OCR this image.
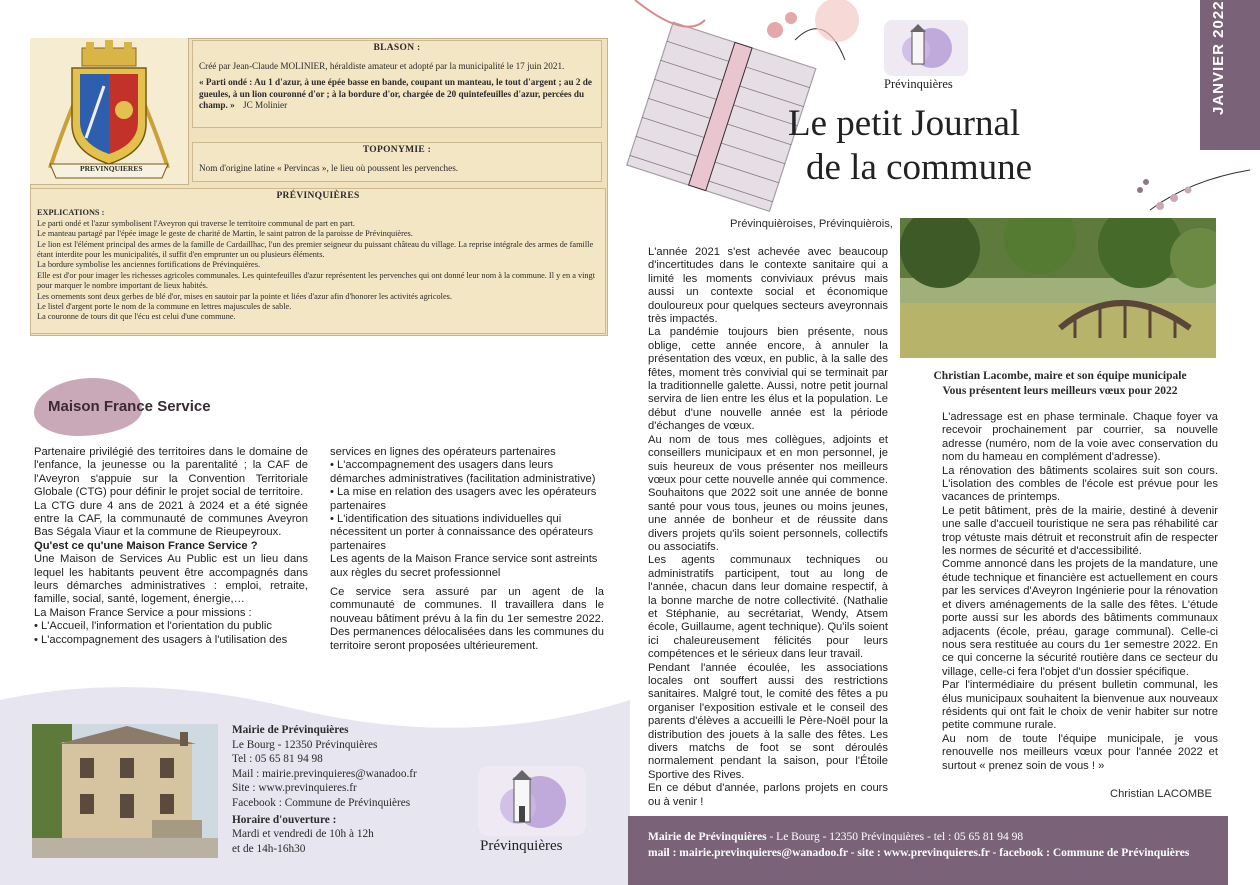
PREVINQUIERES
BLASON :
Créé par Jean-Claude MOLINIER, héraldiste amateur et adopté par la municipalité le 17 juin 2021.
« Parti ondé : Au 1 d'azur, à une épée basse en bande, coupant un manteau, le tout d'argent ; au 2 de gueules, à un lion couronné d'or ; à la bordure d'or, chargée de 20 quintefeuilles d'azur, percées du champ. » JC Molinier
TOPONYMIE :
Nom d'origine latine « Pervincas », le lieu où poussent les pervenches.
PRÉVINQUIÈRES
EXPLICATIONS :
Le parti ondé et l'azur symbolisent l'Aveyron qui traverse le territoire communal de part en part.
Le manteau partagé par l'épée image le geste de charité de Martin, le saint patron de la paroisse de Prévinquières.
Le lion est l'élément principal des armes de la famille de Cardaillhac, l'un des premier seigneur du puissant château du village. La reprise intégrale des armes de famille étant interdite pour les municipalités, il suffit d'en emprunter un ou plusieurs éléments.
La bordure symbolise les anciennes fortifications de Prévinquières.
Elle est d'or pour imager les richesses agricoles communales. Les quintefeuilles d'azur représentent les pervenches qui ont donné leur nom à la commune. Il y en a vingt pour marquer le nombre important de lieux habités.
Les ornements sont deux gerbes de blé d'or, mises en sautoir par la pointe et liées d'azur afin d'honorer les activités agricoles.
Le listel d'argent porte le nom de la commune en lettres majuscules de sable.
La couronne de tours dit que l'écu est celui d'une commune.
Maison France Service
Partenaire privilégié des territoires dans le domaine de l'enfance, la jeunesse ou la parentalité ; la CAF de l'Aveyron s'appuie sur la Convention Territoriale Globale (CTG) pour définir le projet social de territoire.
La CTG dure 4 ans de 2021 à 2024 et a été signée entre la CAF, la communauté de communes Aveyron Bas Ségala Viaur et la commune de Rieupeyroux.
Qu'est ce qu'une Maison France Service ?
Une Maison de Services Au Public est un lieu dans lequel les habitants peuvent être accompagnés dans leurs démarches administratives : emploi, retraite, famille, social, santé, logement, énergie,…
La Maison France Service a pour missions :
• L'Accueil, l'information et l'orientation du public
• L'accompagnement des usagers à l'utilisation des
services en lignes des opérateurs partenaires
• L'accompagnement des usagers dans leurs démarches administratives (facilitation administrative)
• La mise en relation des usagers avec les opérateurs partenaires
• L'identification des situations individuelles qui nécessitent un porter à connaissance des opérateurs partenaires
Les agents de la Maison France service sont astreints aux règles du secret professionnel
Ce service sera assuré par un agent de la communauté de communes. Il travaillera dans le nouveau bâtiment prévu à la fin du 1er semestre 2022. Des permanences délocalisées dans les communes du territoire seront proposées ultérieurement.
Mairie de Prévinquières
Le Bourg - 12350 Prévinquières
Tel : 05 65 81 94 98
Mail : mairie.previnquieres@wanadoo.fr
Site : www.previnquieres.fr
Facebook : Commune de Prévinquières
Horaire d'ouverture :
Mardi et vendredi de 10h à 12h
et de 14h-16h30	Prévinquières
Prévinquières
Le petit Journal
de la commune
JANVIER 2022
Prévinquièroises, Prévinquièrois,
Christian Lacombe, maire et son équipe municipale
Vous présentent leurs meilleurs vœux pour 2022
L'année 2021 s'est achevée avec beaucoup d'incertitudes dans le contexte sanitaire qui a limité les moments conviviaux prévus mais aussi un contexte social et économique douloureux pour quelques secteurs aveyronnais très impactés.
La pandémie toujours bien présente, nous oblige, cette année encore, à annuler la présentation des vœux, en public, à la salle des fêtes, moment très convivial qui se terminait par la traditionnelle galette. Aussi, notre petit journal servira de lien entre les élus et la population. Le début d'une nouvelle année est la période d'échanges de vœux.
Au nom de tous mes collègues, adjoints et conseillers municipaux et en mon personnel, je suis heureux de vous présenter nos meilleurs vœux pour cette nouvelle année qui commence. Souhaitons que 2022 soit une année de bonne santé pour vous tous, jeunes ou moins jeunes, une année de bonheur et de réussite dans divers projets qu'ils soient personnels, collectifs ou associatifs.
Les agents communaux techniques ou administratifs participent, tout au long de l'année, chacun dans leur domaine respectif, à la bonne marche de notre collectivité. (Nathalie et Stéphanie, au secrétariat, Wendy, Atsem école, Guillaume, agent technique). Qu'ils soient ici chaleureusement félicités pour leurs compétences et le sérieux dans leur travail.
Pendant l'année écoulée, les associations locales ont souffert aussi des restrictions sanitaires. Malgré tout, le comité des fêtes a pu organiser l'exposition estivale et le conseil des parents d'élèves a accueilli le Père-Noël pour la distribution des jouets à la salle des fêtes. Les divers matchs de foot se sont déroulés normalement pendant la saison, pour l'Étoile Sportive des Rives.
En ce début d'année, parlons projets en cours ou à venir !
L'adressage est en phase terminale. Chaque foyer va recevoir prochainement par courrier, sa nouvelle adresse (numéro, nom de la voie avec conservation du nom du hameau en complément d'adresse).
La rénovation des bâtiments scolaires suit son cours. L'isolation des combles de l'école est prévue pour les vacances de printemps.
Le petit bâtiment, près de la mairie, destiné à devenir une salle d'accueil touristique ne sera pas réhabilité car trop vétuste mais détruit et reconstruit afin de respecter les normes de sécurité et d'accessibilité.
Comme annoncé dans les projets de la mandature, une étude technique et financière est actuellement en cours par les services d'Aveyron Ingénierie pour la rénovation et divers aménagements de la salle des fêtes. L'étude porte aussi sur les abords des bâtiments communaux adjacents (école, préau, garage communal). Celle-ci nous sera restituée au cours du 1er semestre 2022. En ce qui concerne la sécurité routière dans ce secteur du village, celle-ci fera l'objet d'un dossier spécifique.
Par l'intermédiaire du présent bulletin communal, les élus municipaux souhaitent la bienvenue aux nouveaux résidents qui ont fait le choix de venir habiter sur notre petite commune rurale.
Au nom de toute l'équipe municipale, je vous renouvelle nos meilleurs vœux pour l'année 2022 et surtout « prenez soin de vous ! »
Christian LACOMBE
Mairie de Prévinquières - Le Bourg - 12350 Prévinquières - tel : 05 65 81 94 98
mail : mairie.previnquieres@wanadoo.fr - site : www.previnquieres.fr - facebook : Commune de Prévinquières
